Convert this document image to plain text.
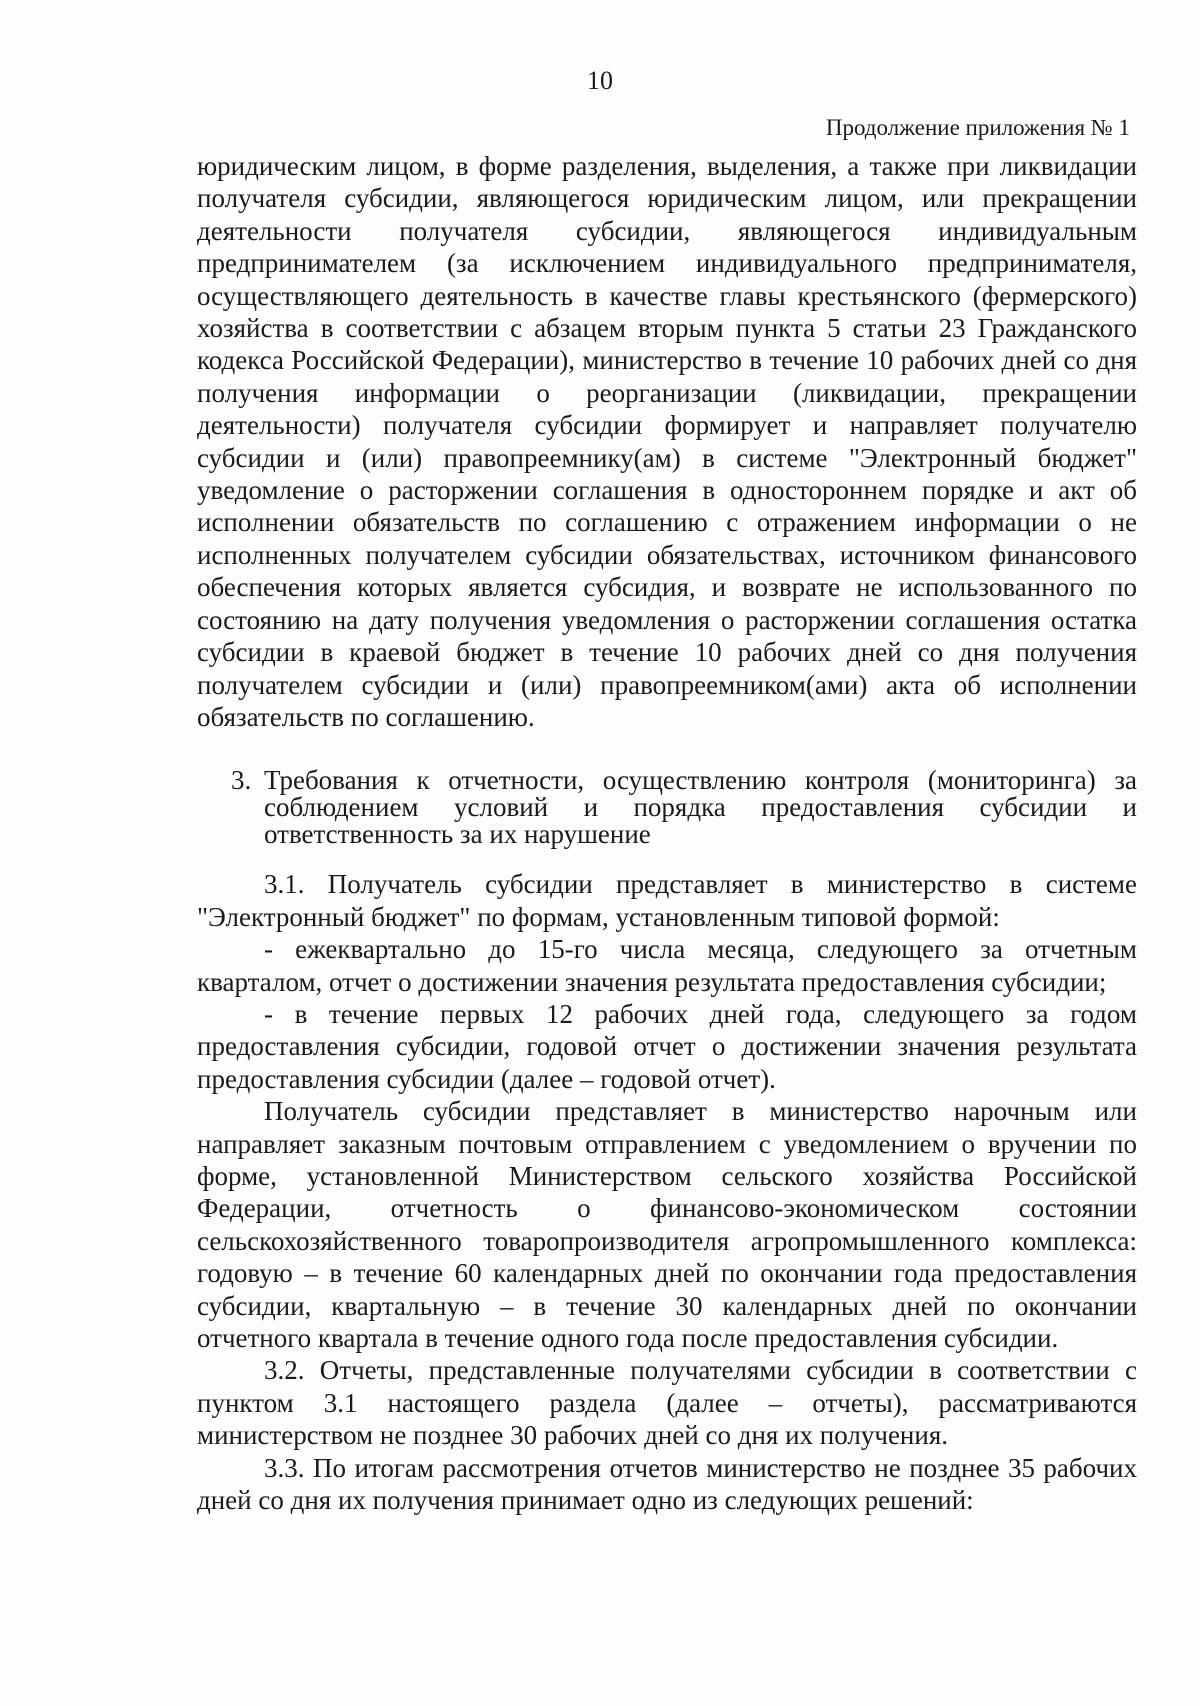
10
Продолжение приложения № 1

юридическим лицом, в форме разделения, выделения, а также при ликвидации получателя субсидии, являющегося юридическим лицом, или прекращении деятельности получателя субсидии, являющегося индивидуальным предпринимателем (за исключением индивидуального предпринимателя, осуществляющего деятельность в качестве главы крестьянского (фермерского) хозяйства в соответствии с абзацем вторым пункта 5 статьи 23 Гражданского кодекса Российской Федерации), министерство в течение 10 рабочих дней со дня получения информации о реорганизации (ликвидации, прекращении деятельности) получателя субсидии формирует и направляет получателю субсидии и (или) правопреемнику(ам) в системе "Электронный бюджет" уведомление о расторжении соглашения в одностороннем порядке и акт об исполнении обязательств по соглашению с отражением информации о не исполненных получателем субсидии обязательствах, источником финансового обеспечения которых является субсидия, и возврате не использованного по состоянию на дату получения уведомления о расторжении соглашения остатка субсидии в краевой бюджет в течение 10 рабочих дней со дня получения получателем субсидии и (или) правопреемником(ами) акта об исполнении обязательств по соглашению.

3. Требования к отчетности, осуществлению контроля (мониторинга) за соблюдением условий и порядка предоставления субсидии и ответственность за их нарушение

3.1. Получатель субсидии представляет в министерство в системе "Электронный бюджет" по формам, установленным типовой формой:

- ежеквартально до 15-го числа месяца, следующего за отчетным кварталом, отчет о достижении значения результата предоставления субсидии;

- в течение первых 12 рабочих дней года, следующего за годом предоставления субсидии, годовой отчет о достижении значения результата предоставления субсидии (далее – годовой отчет).

Получатель субсидии представляет в министерство нарочным или направляет заказным почтовым отправлением с уведомлением о вручении по форме, установленной Министерством сельского хозяйства Российской Федерации, отчетность о финансово-экономическом состоянии сельскохозяйственного товаропроизводителя агропромышленного комплекса: годовую – в течение 60 календарных дней по окончании года предоставления субсидии, квартальную – в течение 30 календарных дней по окончании отчетного квартала в течение одного года после предоставления субсидии.

3.2. Отчеты, представленные получателями субсидии в соответствии с пунктом 3.1 настоящего раздела (далее – отчеты), рассматриваются министерством не позднее 30 рабочих дней со дня их получения.

3.3. По итогам рассмотрения отчетов министерство не позднее 35 рабочих дней со дня их получения принимает одно из следующих решений:
